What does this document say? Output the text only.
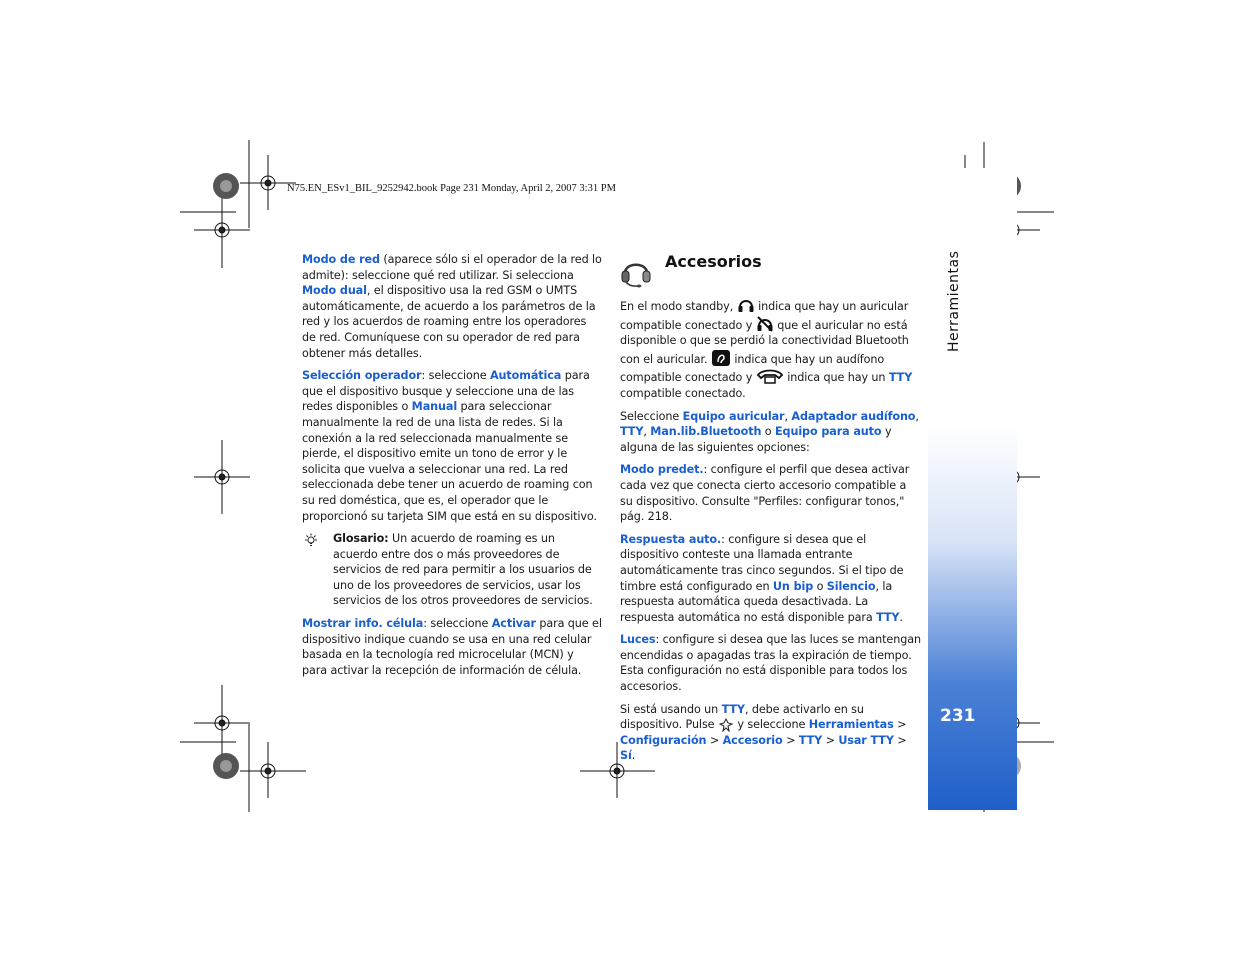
Herramientas
231
N75.EN_ESv1_BIL_9252942.book Page 231 Monday, April 2, 2007 3:31 PM

Modo de red (aparece sólo si el operador de la red lo admite): seleccione qué red utilizar. Si selecciona Modo dual, el dispositivo usa la red GSM o UMTS automáticamente, de acuerdo a los parámetros de la red y los acuerdos de roaming entre los operadores de red. Comuníquese con su operador de red para obtener más detalles.

Selección operador: seleccione Automática para que el dispositivo busque y seleccione una de las redes disponibles o Manual para seleccionar manualmente la red de una lista de redes. Si la conexión a la red seleccionada manualmente se pierde, el dispositivo emite un tono de error y le solicita que vuelva a seleccionar una red. La red seleccionada debe tener un acuerdo de roaming con su red doméstica, que es, el operador que le proporcionó su tarjeta SIM que está en su dispositivo.

Glosario: Un acuerdo de roaming es un acuerdo entre dos o más proveedores de servicios de red para permitir a los usuarios de uno de los proveedores de servicios, usar los servicios de los otros proveedores de servicios.

Mostrar info. célula: seleccione Activar para que el dispositivo indique cuando se usa en una red celular basada en la tecnología red microcelular (MCN) y para activar la recepción de información de célula.

Accesorios

En el modo standby,  indica que hay un auricular compatible conectado y  que el auricular no está disponible o que se perdió la conectividad Bluetooth con el auricular.  indica que hay un audífono compatible conectado y	indica que hay un TTY compatible conectado.

Seleccione Equipo auricular, Adaptador audífono, TTY, Man.lib.Bluetooth o Equipo para auto y alguna de las siguientes opciones:

Modo predet.: configure el perfil que desea activar cada vez que conecta cierto accesorio compatible a su dispositivo. Consulte "Perfiles: configurar tonos," pág. 218.

Respuesta auto.: configure si desea que el dispositivo conteste una llamada entrante automáticamente tras cinco segundos. Si el tipo de timbre está configurado en Un bip o Silencio, la respuesta automática queda desactivada. La respuesta automática no está disponible para TTY.

Luces: configure si desea que las luces se mantengan encendidas o apagadas tras la expiración de tiempo. Esta configuración no está disponible para todos los accesorios.

Si está usando un TTY, debe activarlo en su dispositivo. Pulse  y seleccione Herramientas > Configuración > Accesorio > TTY > Usar TTY > Sí.
